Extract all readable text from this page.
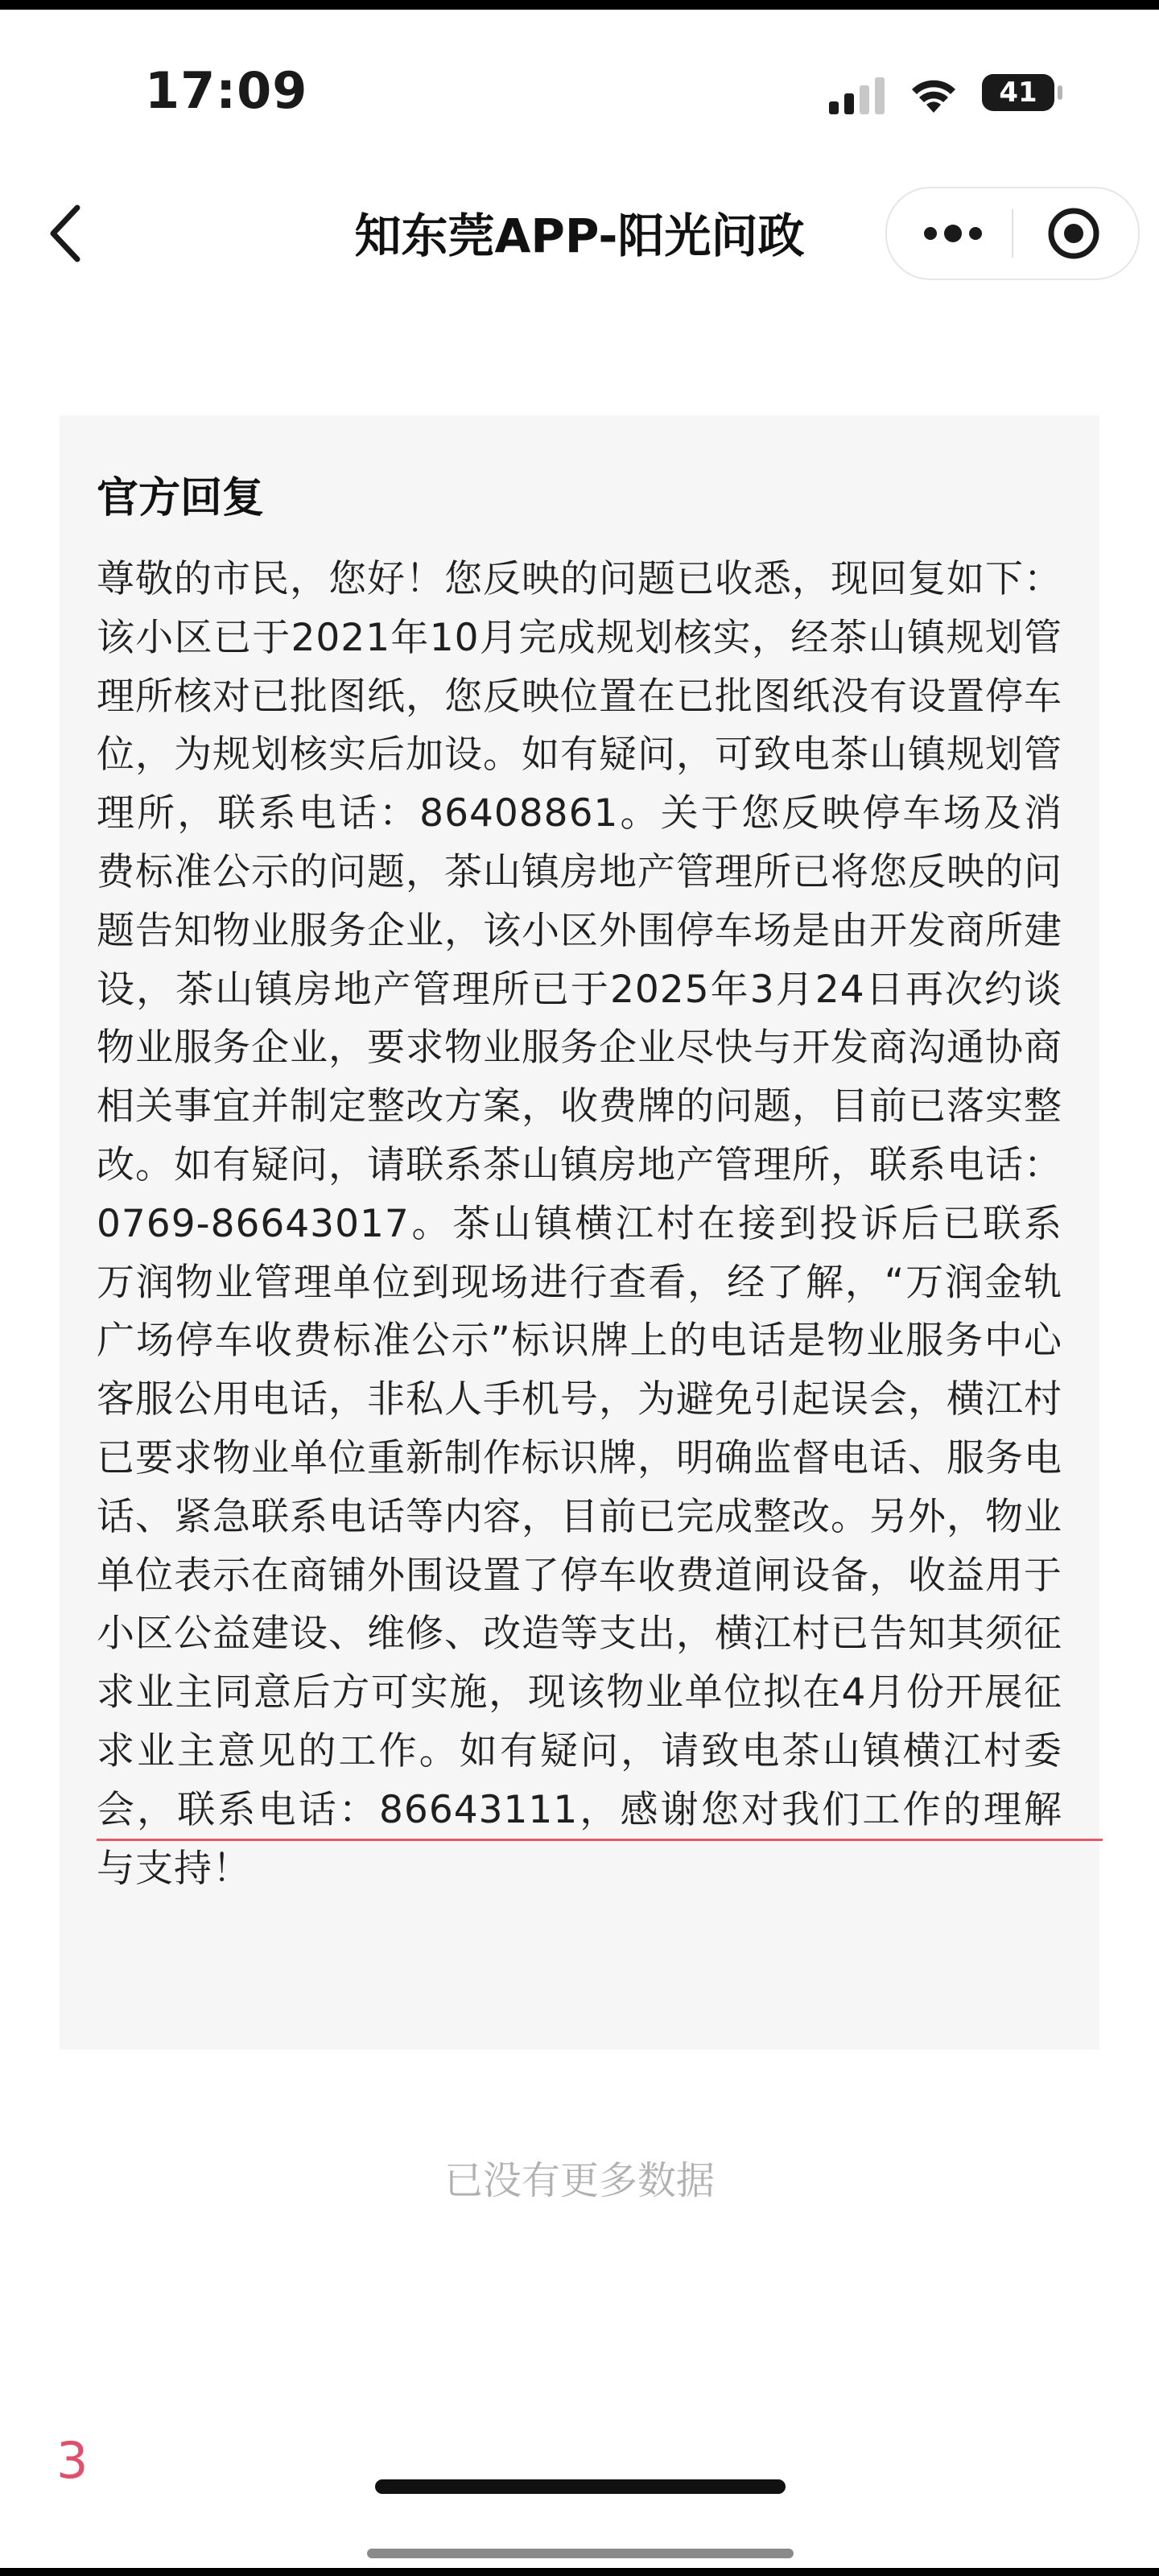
17:09	41
知东莞APP-阳光问政
官方回复
尊敬的市民，您好！您反映的问题已收悉，现回复如下：该小区已于2021年10月完成规划核实，经茶山镇规划管理所核对已批图纸，您反映位置在已批图纸没有设置停车位，为规划核实后加设。如有疑问，可致电茶山镇规划管理所，联系电话：86408861。关于您反映停车场及消费标准公示的问题，茶山镇房地产管理所已将您反映的问题告知物业服务企业，该小区外围停车场是由开发商所建设，茶山镇房地产管理所已于2025年3月24日再次约谈物业服务企业，要求物业服务企业尽快与开发商沟通协商相关事宜并制定整改方案，收费牌的问题，目前已落实整改。如有疑问，请联系茶山镇房地产管理所，联系电话：0769-86643017。茶山镇横江村在接到投诉后已联系万润物业管理单位到现场进行查看，经了解，“万润金轨广场停车收费标准公示”标识牌上的电话是物业服务中心客服公用电话，非私人手机号，为避免引起误会，横江村已要求物业单位重新制作标识牌，明确监督电话、服务电话、紧急联系电话等内容，目前已完成整改。另外，物业单位表示在商铺外围设置了停车收费道闸设备，收益用于小区公益建设、维修、改造等支出，横江村已告知其须征求业主同意后方可实施，现该物业单位拟在4月份开展征求业主意见的工作。如有疑问，请致电茶山镇横江村委会，联系电话：86643111，感谢您对我们工作的理解与支持！
已没有更多数据
3
